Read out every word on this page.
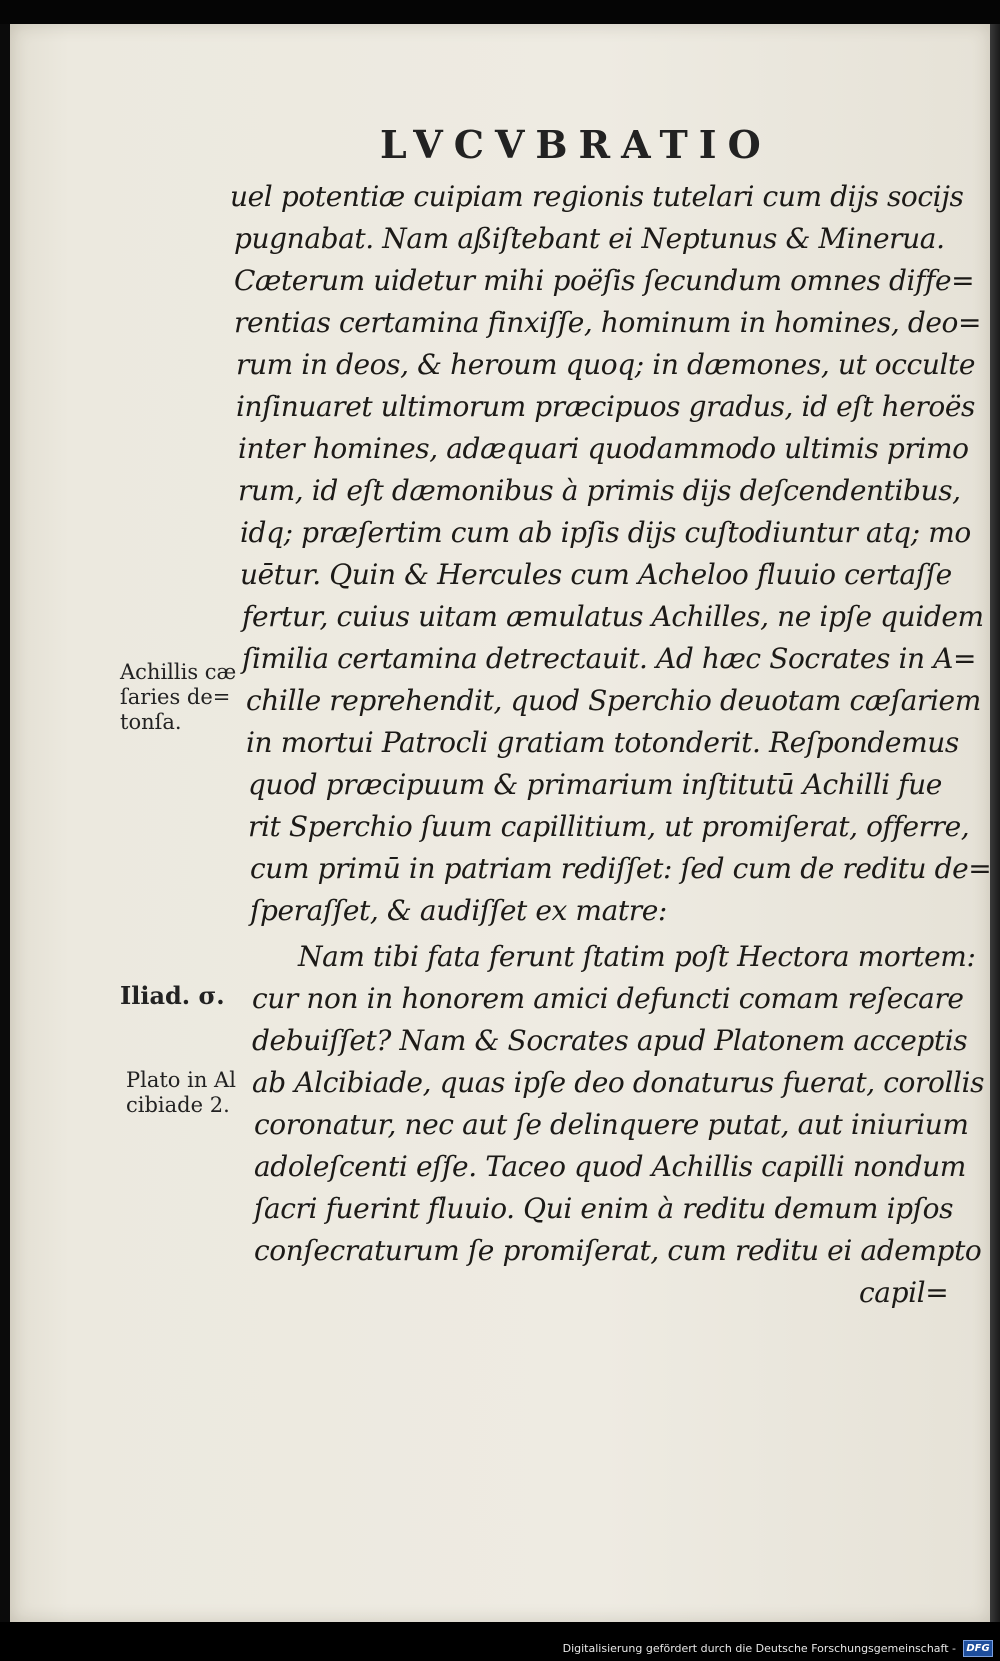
LVCVBRATIO
uel potentiæ cuipiam regionis tutelari cum dijs socijs
pugnabat. Nam aßiſtebant ei Neptunus & Minerua.
Cæterum uidetur mihi poëſis ſecundum omnes diffe=
rentias certamina finxiſſe, hominum in homines, deo=
rum in deos, & heroum quoq; in dæmones, ut occulte
inſinuaret ultimorum præcipuos gradus, id eſt heroës
inter homines, adæquari quodammodo ultimis primo
rum, id eſt dæmonibus à primis dijs deſcendentibus,
idq; præſertim cum ab ipſis dijs cuſtodiuntur atq; mo
uētur. Quin & Hercules cum Acheloo fluuio certaſſe
fertur, cuius uitam æmulatus Achilles, ne ipſe quidem
ſimilia certamina detrectauit. Ad hæc Socrates in A=
chille reprehendit, quod Sperchio deuotam cæſariem
in mortui Patrocli gratiam totonderit. Reſpondemus
quod præcipuum & primarium inſtitutū Achilli fue
rit Sperchio ſuum capillitium, ut promiſerat, offerre,
cum primū in patriam rediſſet: ſed cum de reditu de=
ſperaſſet, & audiſſet ex matre:
Nam tibi fata ferunt ſtatim poſt Hectora mortem:
cur non in honorem amici defuncti comam reſecare
debuiſſet? Nam & Socrates apud Platonem acceptis
ab Alcibiade, quas ipſe deo donaturus fuerat, corollis
coronatur, nec aut ſe delinquere putat, aut iniurium
adoleſcenti eſſe. Taceo quod Achillis capilli nondum
ſacri fuerint fluuio. Qui enim à reditu demum ipſos
conſecraturum ſe promiſerat, cum reditu ei adempto
capil=
Achillis cæ
ſaries de=
tonſa.
Iliad. σ.
Plato in Al
cibiade 2.
Digitalisierung gefördert durch die Deutsche Forschungsgemeinschaft -	DFG
